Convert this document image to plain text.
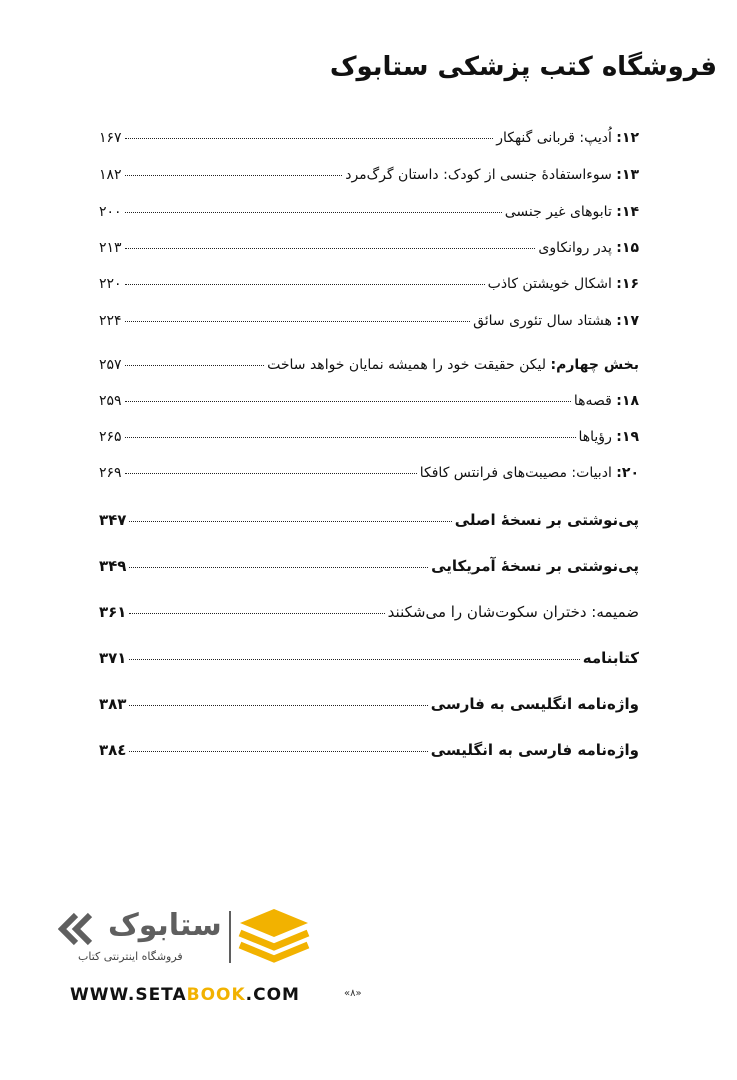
فروشگاه کتب پزشکی ستابوک
۱۲:

اُدیپ: قربانی گنهکار
۱۶۷
۱۳:

سوءاستفادهٔ جنسی از کودک: داستان گرگ‌مرد
۱۸۲
۱۴:

تابوهای غیر جنسی
۲۰۰
۱۵:

پدر روانکاوی
۲۱۳
۱۶:

اشکال خویشتن کاذب
۲۲۰
۱۷:

هشتاد سال تئوری سائق
۲۲۴
بخش چهارم:

لیکن حقیقت خود را همیشه نمایان خواهد ساخت
۲۵۷
۱۸:

قصه‌ها
۲۵۹
۱۹:

رؤیاها
۲۶۵
۲۰:

ادبیات: مصیبت‌های فرانتس کافکا
۲۶۹
پی‌نوشتی بر نسخهٔ اصلی
۳۴۷
پی‌نوشتی بر نسخهٔ آمریکایی
۳۴۹
ضمیمه: دختران سکوت‌شان را می‌شکنند
۳۶۱
کتابنامه
۳۷۱
واژه‌نامه انگلیسی به فارسی
۳۸۳
واژه‌نامه فارسی به انگلیسی
۳۸٤
ستابوک
فروشگاه اینترنتی کتاب
WWW.SETABOOK.COM	«۸»
